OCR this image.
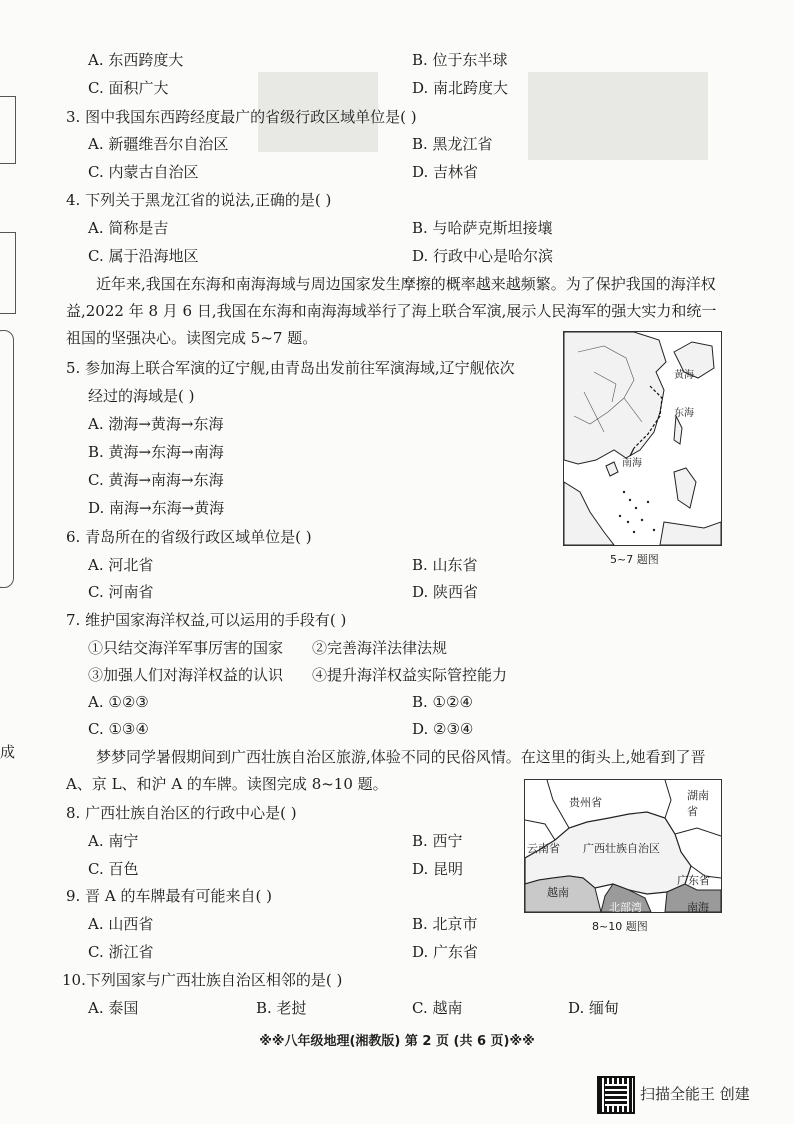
成
A. 东西跨度大	B. 位于东半球
C. 面积广大	D. 南北跨度大
3. 图中我国东西跨经度最广的省级行政区域单位是( )
A. 新疆维吾尔自治区	B. 黑龙江省
C. 内蒙古自治区	D. 吉林省
4. 下列关于黑龙江省的说法,正确的是( )
A. 简称是吉	B. 与哈萨克斯坦接壤
C. 属于沿海地区	D. 行政中心是哈尔滨
近年来,我国在东海和南海海域与周边国家发生摩擦的概率越来越频繁。为了保护我国的海洋权益,2022 年 8 月 6 日,我国在东海和南海海域举行了海上联合军演,展示人民海军的强大实力和统一祖国的坚强决心。读图完成 5~7 题。
5. 参加海上联合军演的辽宁舰,由青岛出发前往军演海域,辽宁舰依次
经过的海域是( )
A. 渤海→黄海→东海
B. 黄海→东海→南海
C. 黄海→南海→东海
D. 南海→东海→黄海
黄海
东海
南海
5~7 题图
6. 青岛所在的省级行政区域单位是( )
A. 河北省	B. 山东省
C. 河南省	D. 陕西省
7. 维护国家海洋权益,可以运用的手段有( )
①只结交海洋军事厉害的国家 ②完善海洋法律法规
③加强人们对海洋权益的认识 ④提升海洋权益实际管控能力
A. ①②③	B. ①②④
C. ①③④	D. ②③④
梦梦同学暑假期间到广西壮族自治区旅游,体验不同的民俗风情。在这里的街头上,她看到了晋 A、京 L、和沪 A 的车牌。读图完成 8~10 题。
贵州省
湖南省
云南省 广西壮族自治区
广东省
越南
北部湾	南海
8~10 题图
8. 广西壮族自治区的行政中心是( )
A. 南宁	B. 西宁
C. 百色	D. 昆明
9. 晋 A 的车牌最有可能来自( )
A. 山西省	B. 北京市
C. 浙江省	D. 广东省
10.下列国家与广西壮族自治区相邻的是( )
A. 泰国	B. 老挝	C. 越南	D. 缅甸
※※八年级地理(湘教版) 第 2 页 (共 6 页)※※
扫描全能王 创建
